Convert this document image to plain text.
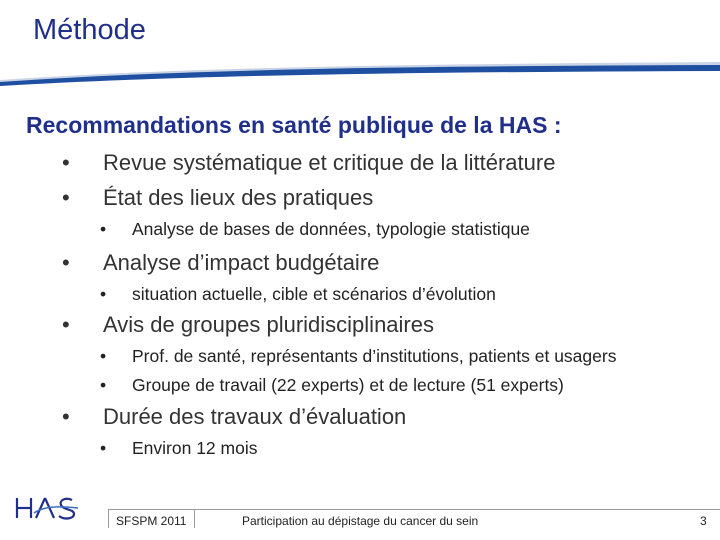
Méthode
Recommandations en santé publique de la HAS :
• Revue systématique et critique de la littérature
• État des lieux des pratiques
• Analyse de bases de données, typologie statistique
• Analyse d’impact budgétaire
• situation actuelle, cible et scénarios d’évolution
• Avis de groupes pluridisciplinaires
• Prof. de santé, représentants d’institutions, patients et usagers
• Groupe de travail (22 experts) et de lecture (51 experts)
• Durée des travaux d’évaluation
• Environ 12 mois
SFSPM 2011	Participation au dépistage du cancer du sein	3
